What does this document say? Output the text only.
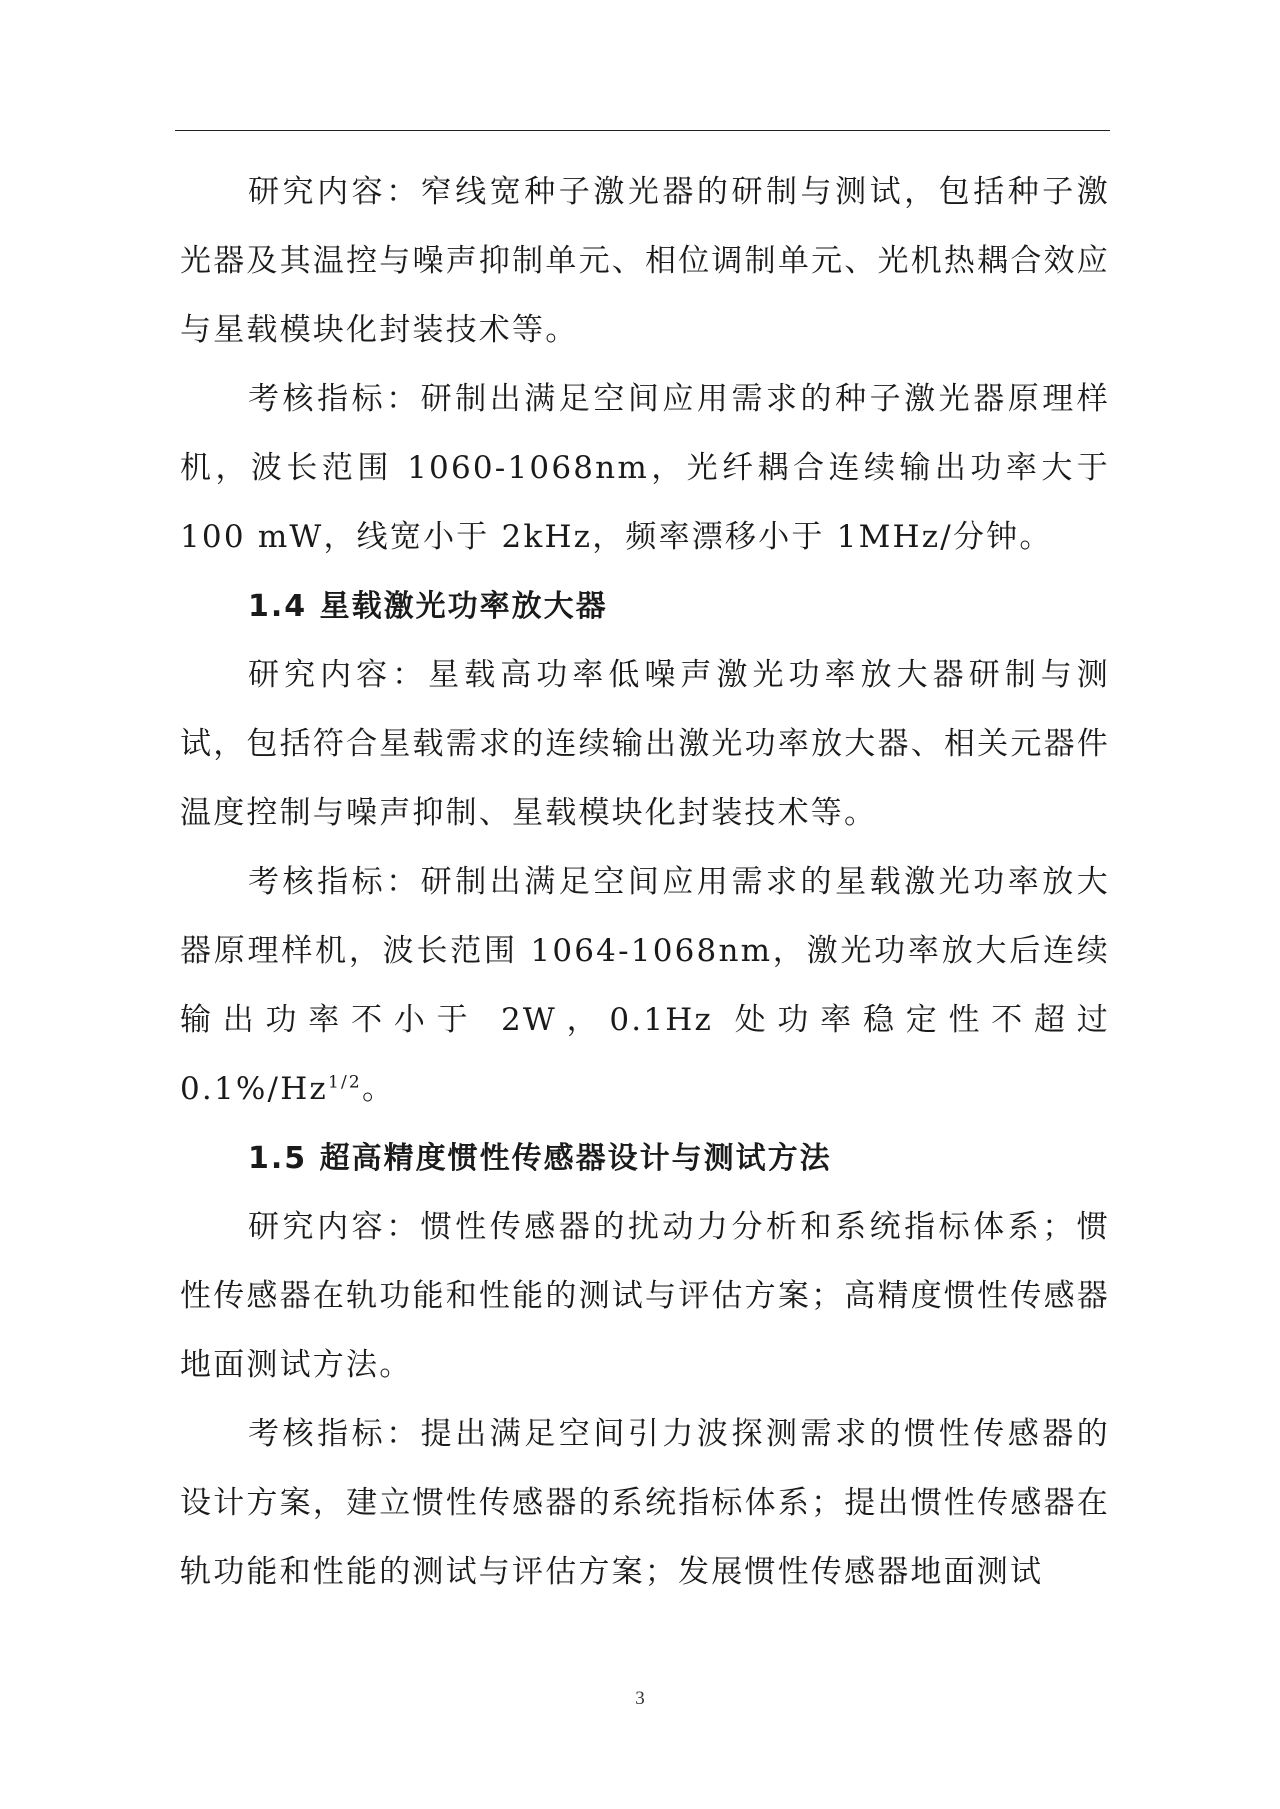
研究内容：窄线宽种子激光器的研制与测试，包括种子激光器及其温控与噪声抑制单元、相位调制单元、光机热耦合效应与星载模块化封装技术等。

考核指标：研制出满足空间应用需求的种子激光器原理样机，波长范围 1060-1068nm，光纤耦合连续输出功率大于 100 mW，线宽小于 2kHz，频率漂移小于 1MHz/分钟。

1.4 星载激光功率放大器

研究内容：星载高功率低噪声激光功率放大器研制与测试，包括符合星载需求的连续输出激光功率放大器、相关元器件温度控制与噪声抑制、星载模块化封装技术等。

考核指标：研制出满足空间应用需求的星载激光功率放大器原理样机，波长范围 1064-1068nm，激光功率放大后连续输出功率不小于 2W，0.1Hz 处功率稳定性不超过 $0.1\%/Hz^{1/2}$。

1.5 超高精度惯性传感器设计与测试方法

研究内容：惯性传感器的扰动力分析和系统指标体系；惯性传感器在轨功能和性能的测试与评估方案；高精度惯性传感器地面测试方法。

考核指标：提出满足空间引力波探测需求的惯性传感器的设计方案，建立惯性传感器的系统指标体系；提出惯性传感器在轨功能和性能的测试与评估方案；发展惯性传感器地面测试

3
